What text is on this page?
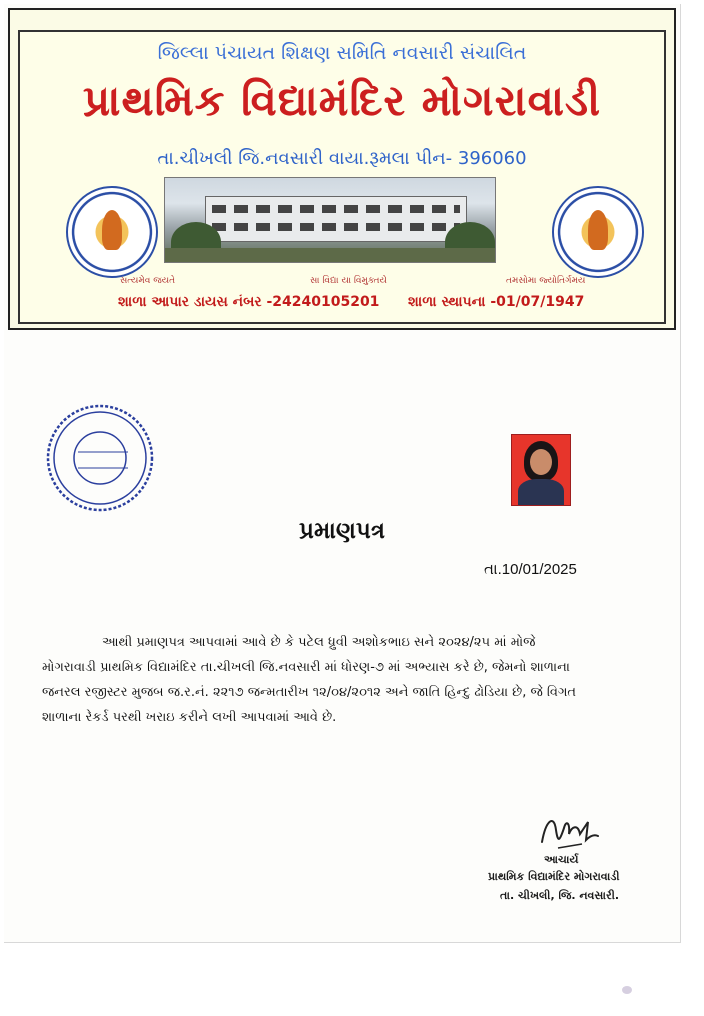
જિલ્લા પંચાયત શિક્ષણ સમિતિ નવસારી સંચાલિત
પ્રાથમિક વિદ્યામંદિર મોગરાવાડી
તા.ચીખલી જિ.નવસારી વાયા.રૂમલા પીન- 396060
સત્યમેવ જયતે	સા વિદ્યા યા વિમુક્તયે	તમસોમા જ્યોતિર્ગમય
શાળા આપાર ડાયસ નંબર -24240105201 શાળા સ્થાપના -01/07/1947
પ્રમાણપત્ર
તા.10/01/2025
આથી પ્રમાણપત્ર આપવામાં આવે છે કે પટેલ ધ્રુવી અશોકભાઇ સને ૨૦૨૪/૨૫ માં મોજે
મોગરાવાડી પ્રાથમિક વિદ્યામંદિર તા.ચીખલી જિ.નવસારી માં ધોરણ-૭ માં અભ્યાસ કરે છે, જેમનો શાળાના
જનરલ રજીસ્ટર મુજબ જ.ર.નં. ૨૨૧૭ જન્મતારીખ ૧૨/૦૪/૨૦૧૨ અને જાતિ હિન્દુ ઢોડિયા છે, જે વિગત
શાળાના રેકર્ડ પરથી ખરાઇ કરીને લખી આપવામાં આવે છે.
આચાર્ય
પ્રાથમિક વિદ્યામંદિર મોગરાવાડી
તા. ચીખલી, જિ. નવસારી.
